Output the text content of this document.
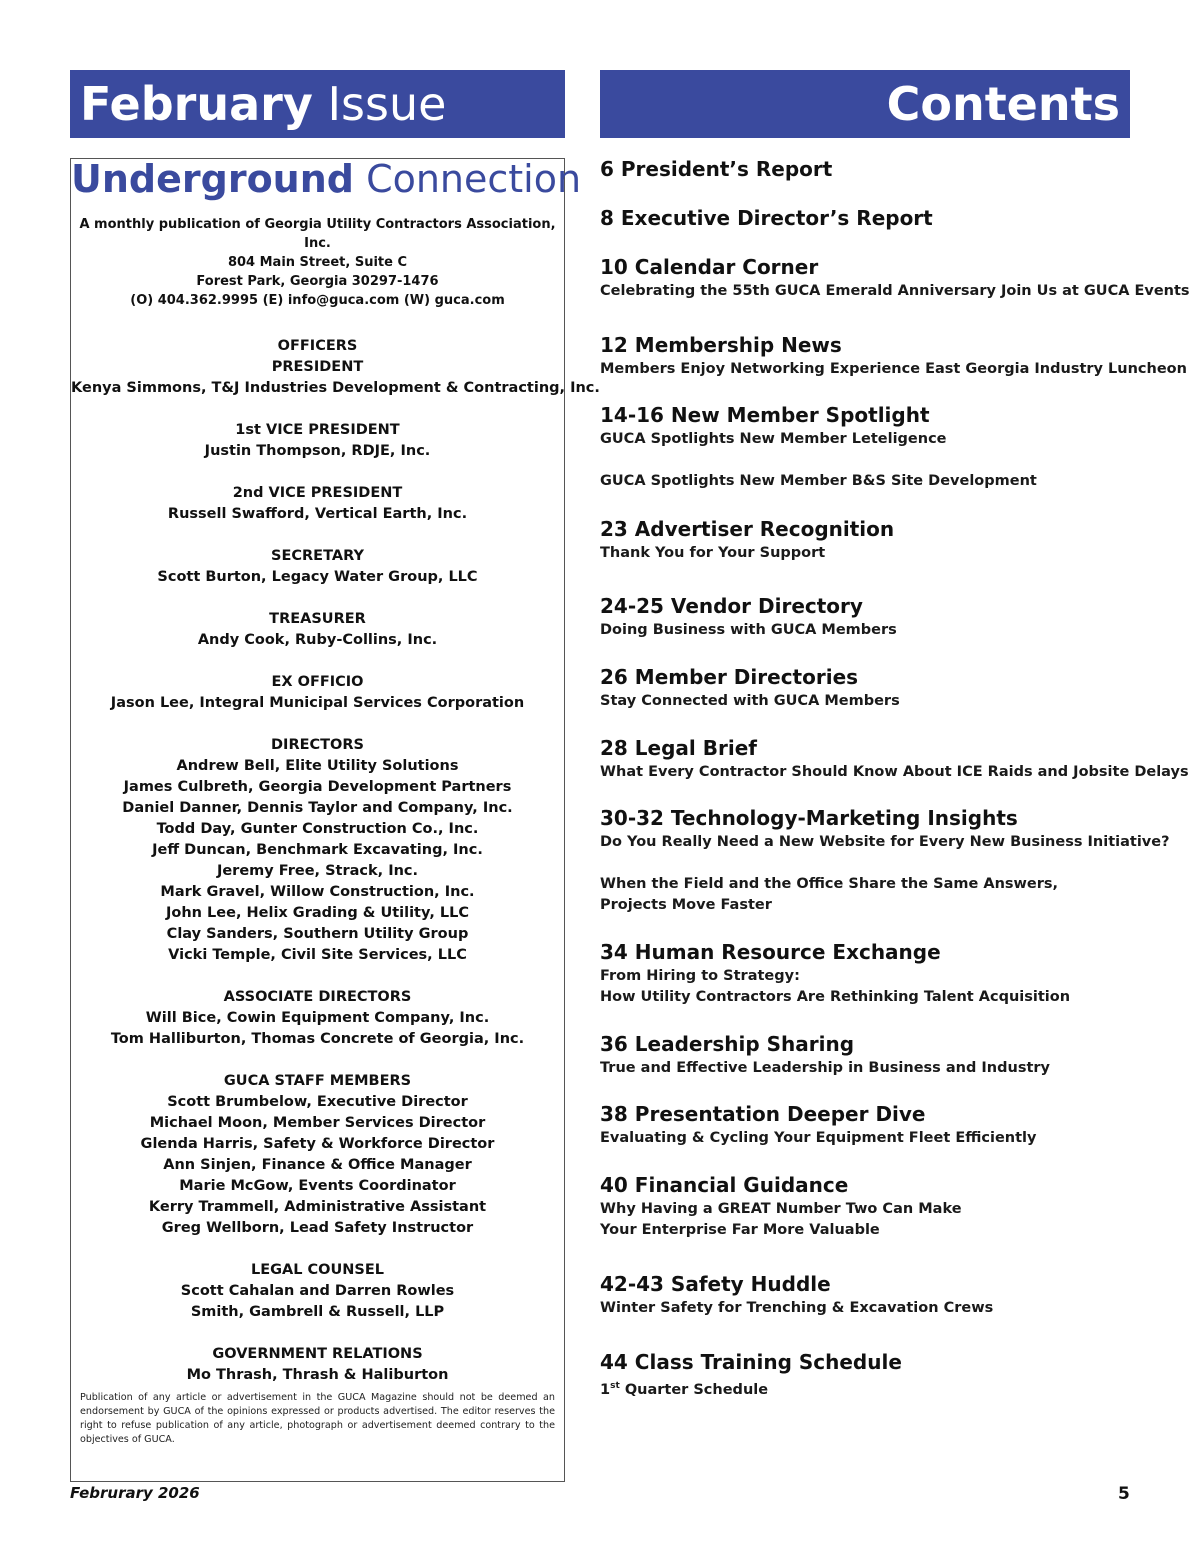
February Issue	Contents
Underground Connection

A monthly publication of Georgia Utility Contractors Association, Inc.

804 Main Street, Suite C

Forest Park, Georgia 30297-1476

(O) 404.362.9995 (E) info@guca.com (W) guca.com

OFFICERS
PRESIDENT
Kenya Simmons, T&J Industries Development & Contracting, Inc.
1st VICE PRESIDENT
Justin Thompson, RDJE, Inc.
2nd VICE PRESIDENT
Russell Swafford, Vertical Earth, Inc.
SECRETARY
Scott Burton, Legacy Water Group, LLC
TREASURER
Andy Cook, Ruby-Collins, Inc.
EX OFFICIO
Jason Lee, Integral Municipal Services Corporation
DIRECTORS
Andrew Bell, Elite Utility Solutions
James Culbreth, Georgia Development Partners
Daniel Danner, Dennis Taylor and Company, Inc.
Todd Day, Gunter Construction Co., Inc.
Jeff Duncan, Benchmark Excavating, Inc.
Jeremy Free, Strack, Inc.
Mark Gravel, Willow Construction, Inc.
John Lee, Helix Grading & Utility, LLC
Clay Sanders, Southern Utility Group
Vicki Temple, Civil Site Services, LLC
ASSOCIATE DIRECTORS
Will Bice, Cowin Equipment Company, Inc.
Tom Halliburton, Thomas Concrete of Georgia, Inc.
GUCA STAFF MEMBERS
Scott Brumbelow, Executive Director
Michael Moon, Member Services Director
Glenda Harris, Safety & Workforce Director
Ann Sinjen, Finance & Office Manager
Marie McGow, Events Coordinator
Kerry Trammell, Administrative Assistant
Greg Wellborn, Lead Safety Instructor
LEGAL COUNSEL
Scott Cahalan and Darren Rowles
Smith, Gambrell & Russell, LLP
GOVERNMENT RELATIONS
Mo Thrash, Thrash & Haliburton
Publication of any article or advertisement in the GUCA Magazine should not be deemed an endorsement by GUCA of the opinions expressed or products advertised. The editor reserves the right to refuse publication of any article, photograph or advertisement deemed contrary to the objectives of GUCA.
6 President’s Report
8 Executive Director’s Report
10 Calendar Corner
Celebrating the 55th GUCA Emerald Anniversary Join Us at GUCA Events
12 Membership News
Members Enjoy Networking Experience East Georgia Industry Luncheon
14-16 New Member Spotlight
GUCA Spotlights New Member Leteligence
GUCA Spotlights New Member B&S Site Development
23 Advertiser Recognition
Thank You for Your Support
24-25 Vendor Directory
Doing Business with GUCA Members
26 Member Directories
Stay Connected with GUCA Members
28 Legal Brief
What Every Contractor Should Know About ICE Raids and Jobsite Delays
30-32 Technology-Marketing Insights
Do You Really Need a New Website for Every New Business Initiative?
When the Field and the Office Share the Same Answers,
Projects Move Faster
34 Human Resource Exchange
From Hiring to Strategy:
How Utility Contractors Are Rethinking Talent Acquisition
36 Leadership Sharing
True and Effective Leadership in Business and Industry
38 Presentation Deeper Dive
Evaluating & Cycling Your Equipment Fleet Efficiently
40 Financial Guidance
Why Having a GREAT Number Two Can Make
Your Enterprise Far More Valuable
42-43 Safety Huddle
Winter Safety for Trenching & Excavation Crews
44 Class Training Schedule
1st Quarter Schedule
Februrary 2026	5
